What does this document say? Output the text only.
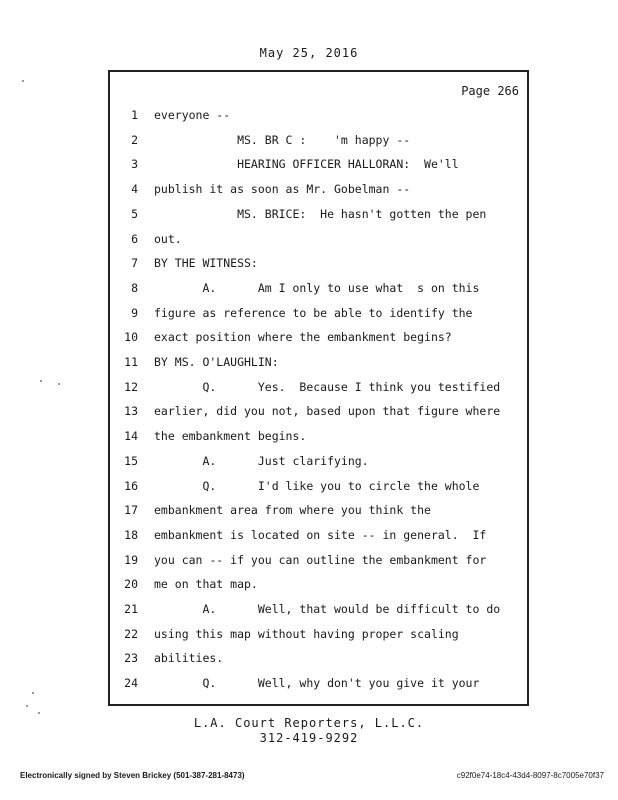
May 25, 2016
Page 266
1 everyone --
2 MS. BR C :    'm happy --
3 HEARING OFFICER HALLORAN:  We'll
4 publish it as soon as Mr. Gobelman --
5 MS. BRICE:  He hasn't gotten the pen
6 out.
7 BY THE WITNESS:
8 A.      Am I only to use what  s on this
9 figure as reference to be able to identify the
10 exact position where the embankment begins?
11 BY MS. O'LAUGHLIN:
12 Q.      Yes.  Because I think you testified
13 earlier, did you not, based upon that figure where
14 the embankment begins.
15 A.      Just clarifying.
16 Q.      I'd like you to circle the whole
17 embankment area from where you think the
18 embankment is located on site -- in general.  If
19 you can -- if you can outline the embankment for
20 me on that map.
21 A.      Well, that would be difficult to do
22 using this map without having proper scaling
23 abilities.
24 Q.      Well, why don't you give it your
L.A. Court Reporters, L.L.C.
312-419-9292
Electronically signed by Steven Brickey (501-387-281-8473)	c92f0e74-18c4-43d4-8097-8c7005e70f37
